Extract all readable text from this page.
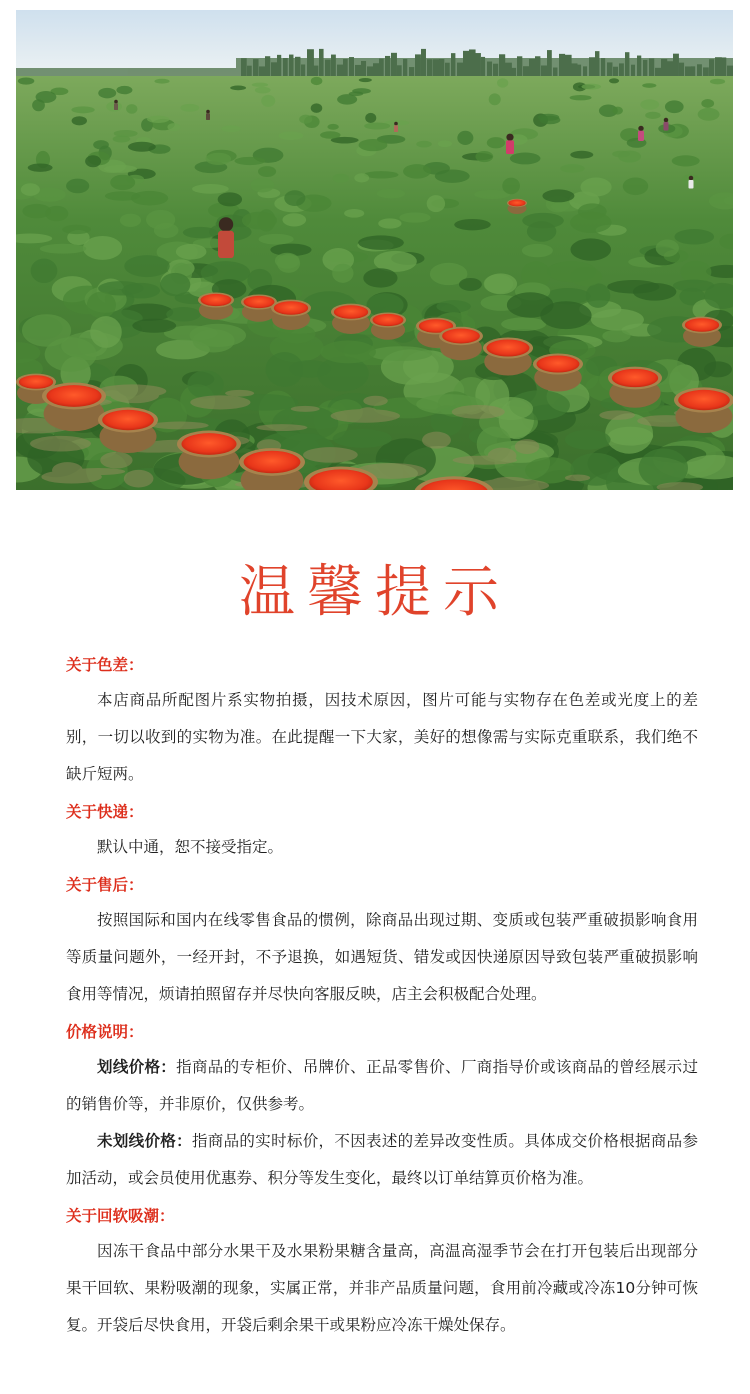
温馨提示
关于色差：

本店商品所配图片系实物拍摄，因技术原因，图片可能与实物存在色差或光度上的差别，一切以收到的实物为准。在此提醒一下大家，美好的想像需与实际克重联系，我们绝不缺斤短两。

关于快递：

默认中通，恕不接受指定。

关于售后：

按照国际和国内在线零售食品的惯例，除商品出现过期、变质或包装严重破损影响食用等质量问题外，一经开封，不予退换，如遇短货、错发或因快递原因导致包装严重破损影响食用等情况，烦请拍照留存并尽快向客服反映，店主会积极配合处理。

价格说明：

划线价格：指商品的专柜价、吊牌价、正品零售价、厂商指导价或该商品的曾经展示过的销售价等，并非原价，仅供参考。

未划线价格：指商品的实时标价，不因表述的差异改变性质。具体成交价格根据商品参加活动，或会员使用优惠券、积分等发生变化，最终以订单结算页价格为准。

关于回软吸潮：

因冻干食品中部分水果干及水果粉果糖含量高，高温高湿季节会在打开包装后出现部分果干回软、果粉吸潮的现象，实属正常，并非产品质量问题，食用前冷藏或冷冻10分钟可恢复。开袋后尽快食用，开袋后剩余果干或果粉应冷冻干燥处保存。
